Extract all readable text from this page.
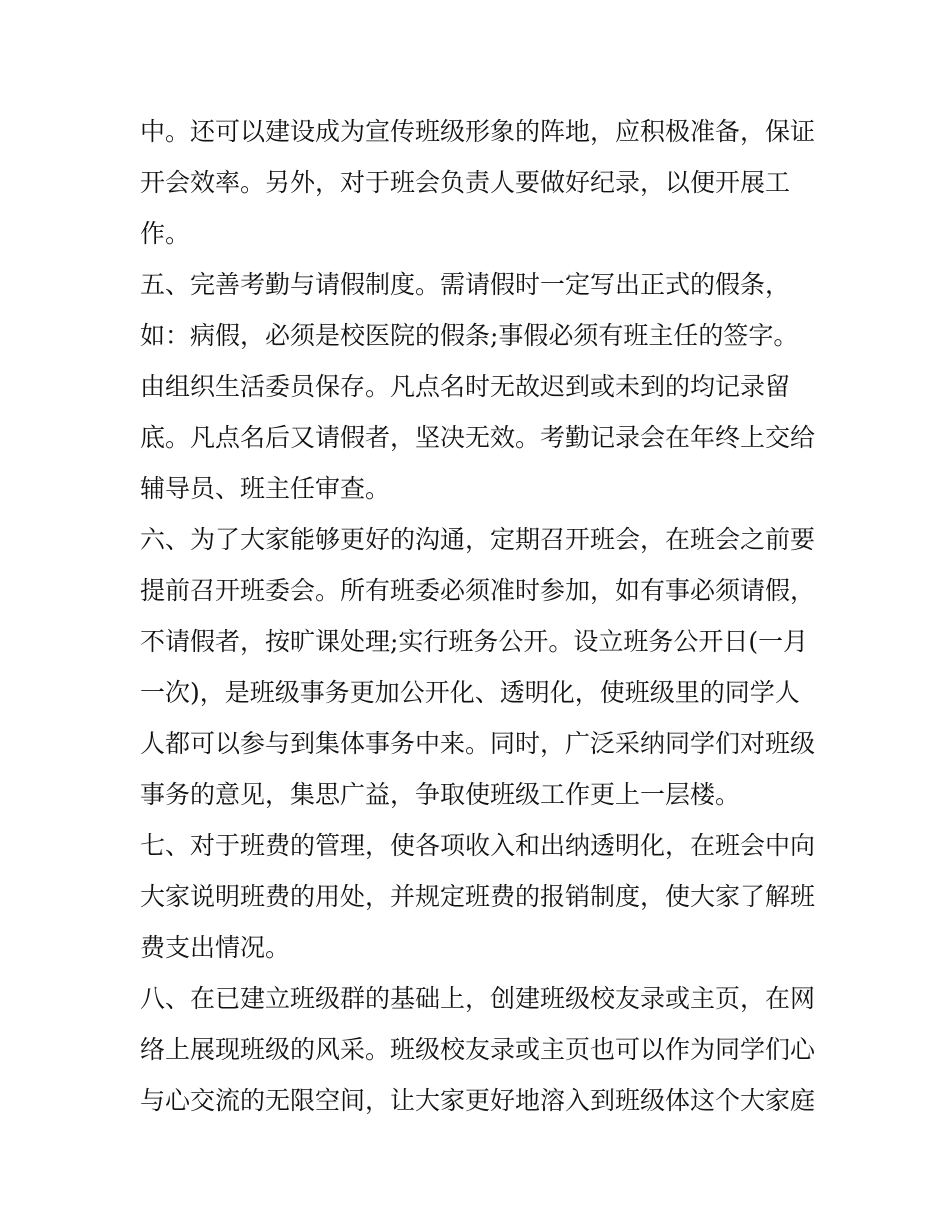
中。还可以建设成为宣传班级形象的阵地，应积极准备，保证

开会效率。另外，对于班会负责人要做好纪录，以便开展工

作。

五、完善考勤与请假制度。需请假时一定写出正式的假条，

如：病假，必须是校医院的假条;事假必须有班主任的签字。

由组织生活委员保存。凡点名时无故迟到或未到的均记录留

底。凡点名后又请假者，坚决无效。考勤记录会在年终上交给

辅导员、班主任审查。

六、为了大家能够更好的沟通，定期召开班会，在班会之前要

提前召开班委会。所有班委必须准时参加，如有事必须请假，

不请假者，按旷课处理;实行班务公开。设立班务公开日(一月

一次)，是班级事务更加公开化、透明化，使班级里的同学人

人都可以参与到集体事务中来。同时，广泛采纳同学们对班级

事务的意见，集思广益，争取使班级工作更上一层楼。

七、对于班费的管理，使各项收入和出纳透明化，在班会中向

大家说明班费的用处，并规定班费的报销制度，使大家了解班

费支出情况。

八、在已建立班级群的基础上，创建班级校友录或主页，在网

络上展现班级的风采。班级校友录或主页也可以作为同学们心

与心交流的无限空间，让大家更好地溶入到班级体这个大家庭
